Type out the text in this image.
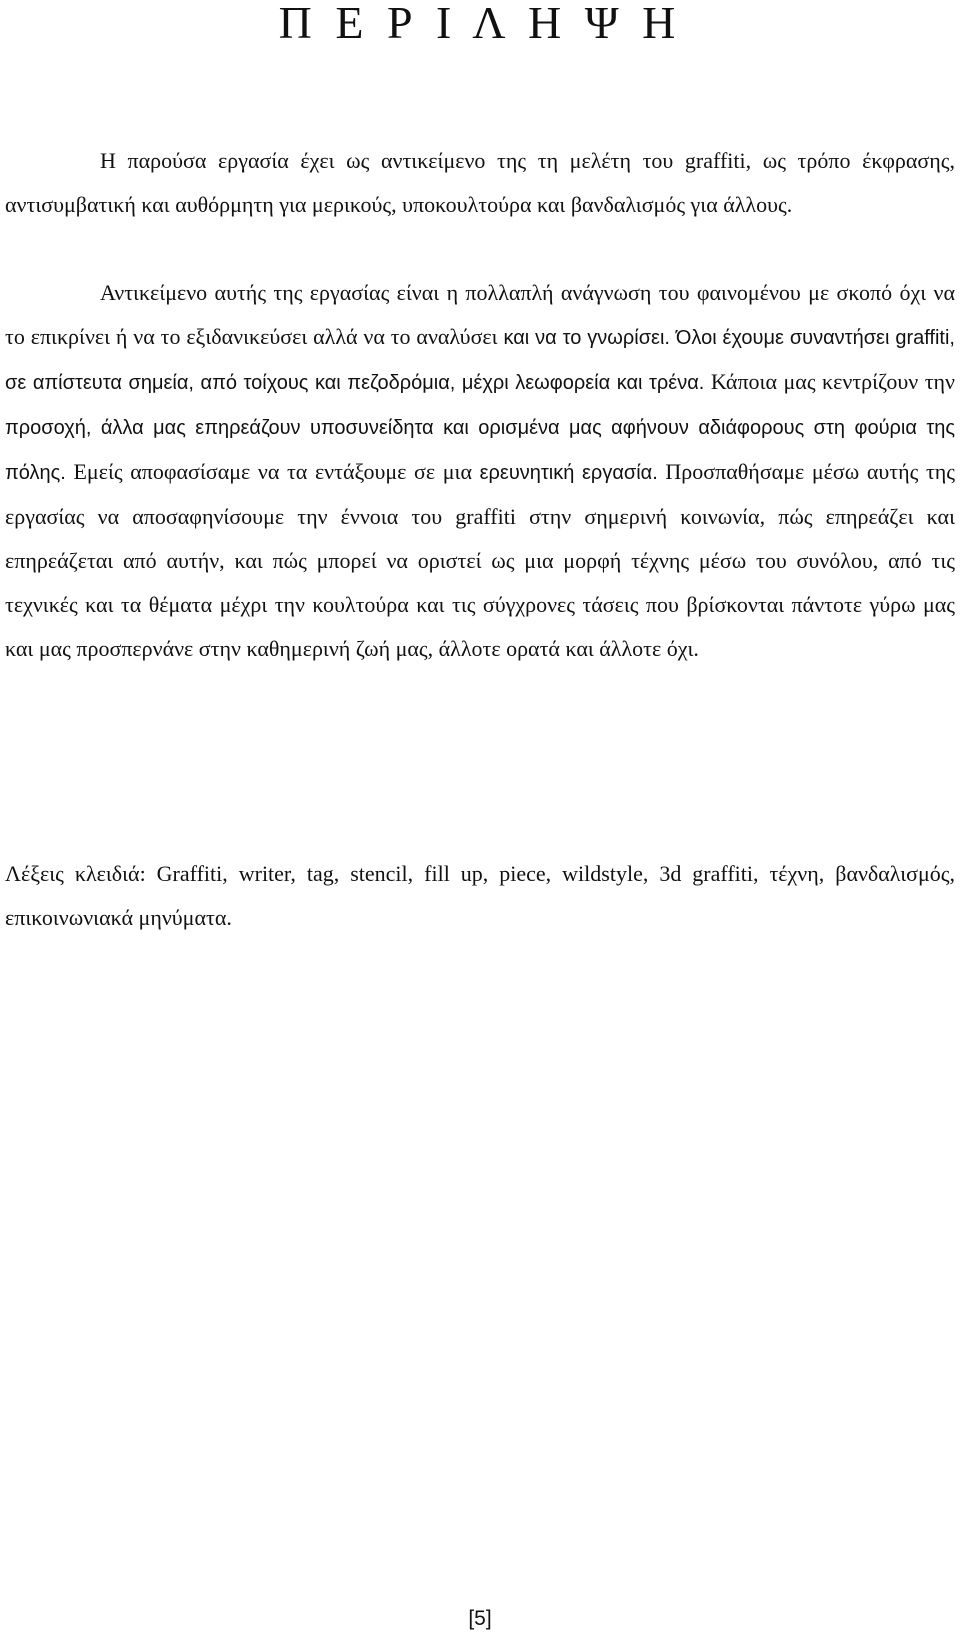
Π Ε Ρ Ι Λ Η Ψ Η

Η παρούσα εργασία έχει ως αντικείμενο της τη μελέτη του graffiti, ως τρόπο έκφρασης, αντισυμβατική και αυθόρμητη για μερικούς, υποκουλτούρα και βανδαλισμός για άλλους.

Αντικείμενο αυτής της εργασίας είναι η πολλαπλή ανάγνωση του φαινομένου με σκοπό όχι να το επικρίνει ή να το εξιδανικεύσει αλλά να το αναλύσει και να το γνωρίσει. Όλοι έχουμε συναντήσει graffiti, σε απίστευτα σημεία, από τοίχους και πεζοδρόμια, μέχρι λεωφορεία και τρένα. Κάποια μας κεντρίζουν την προσοχή, άλλα μας επηρεάζουν υποσυνείδητα και ορισμένα μας αφήνουν αδιάφορους στη φούρια της πόλης. Εμείς αποφασίσαμε να τα εντάξουμε σε μια ερευνητική εργασία. Προσπαθήσαμε μέσω αυτής της εργασίας να αποσαφηνίσουμε την έννοια του graffiti στην σημερινή κοινωνία, πώς επηρεάζει και επηρεάζεται από αυτήν, και πώς μπορεί να οριστεί ως μια μορφή τέχνης μέσω του συνόλου, από τις τεχνικές και τα θέματα μέχρι την κουλτούρα και τις σύγχρονες τάσεις που βρίσκονται πάντοτε γύρω μας και μας προσπερνάνε στην καθημερινή ζωή μας, άλλοτε ορατά και άλλοτε όχι.

Λέξεις κλειδιά: Graffiti, writer, tag, stencil, fill up, piece, wildstyle, 3d graffiti, τέχνη, βανδαλισμός, επικοινωνιακά μηνύματα.

[5]
